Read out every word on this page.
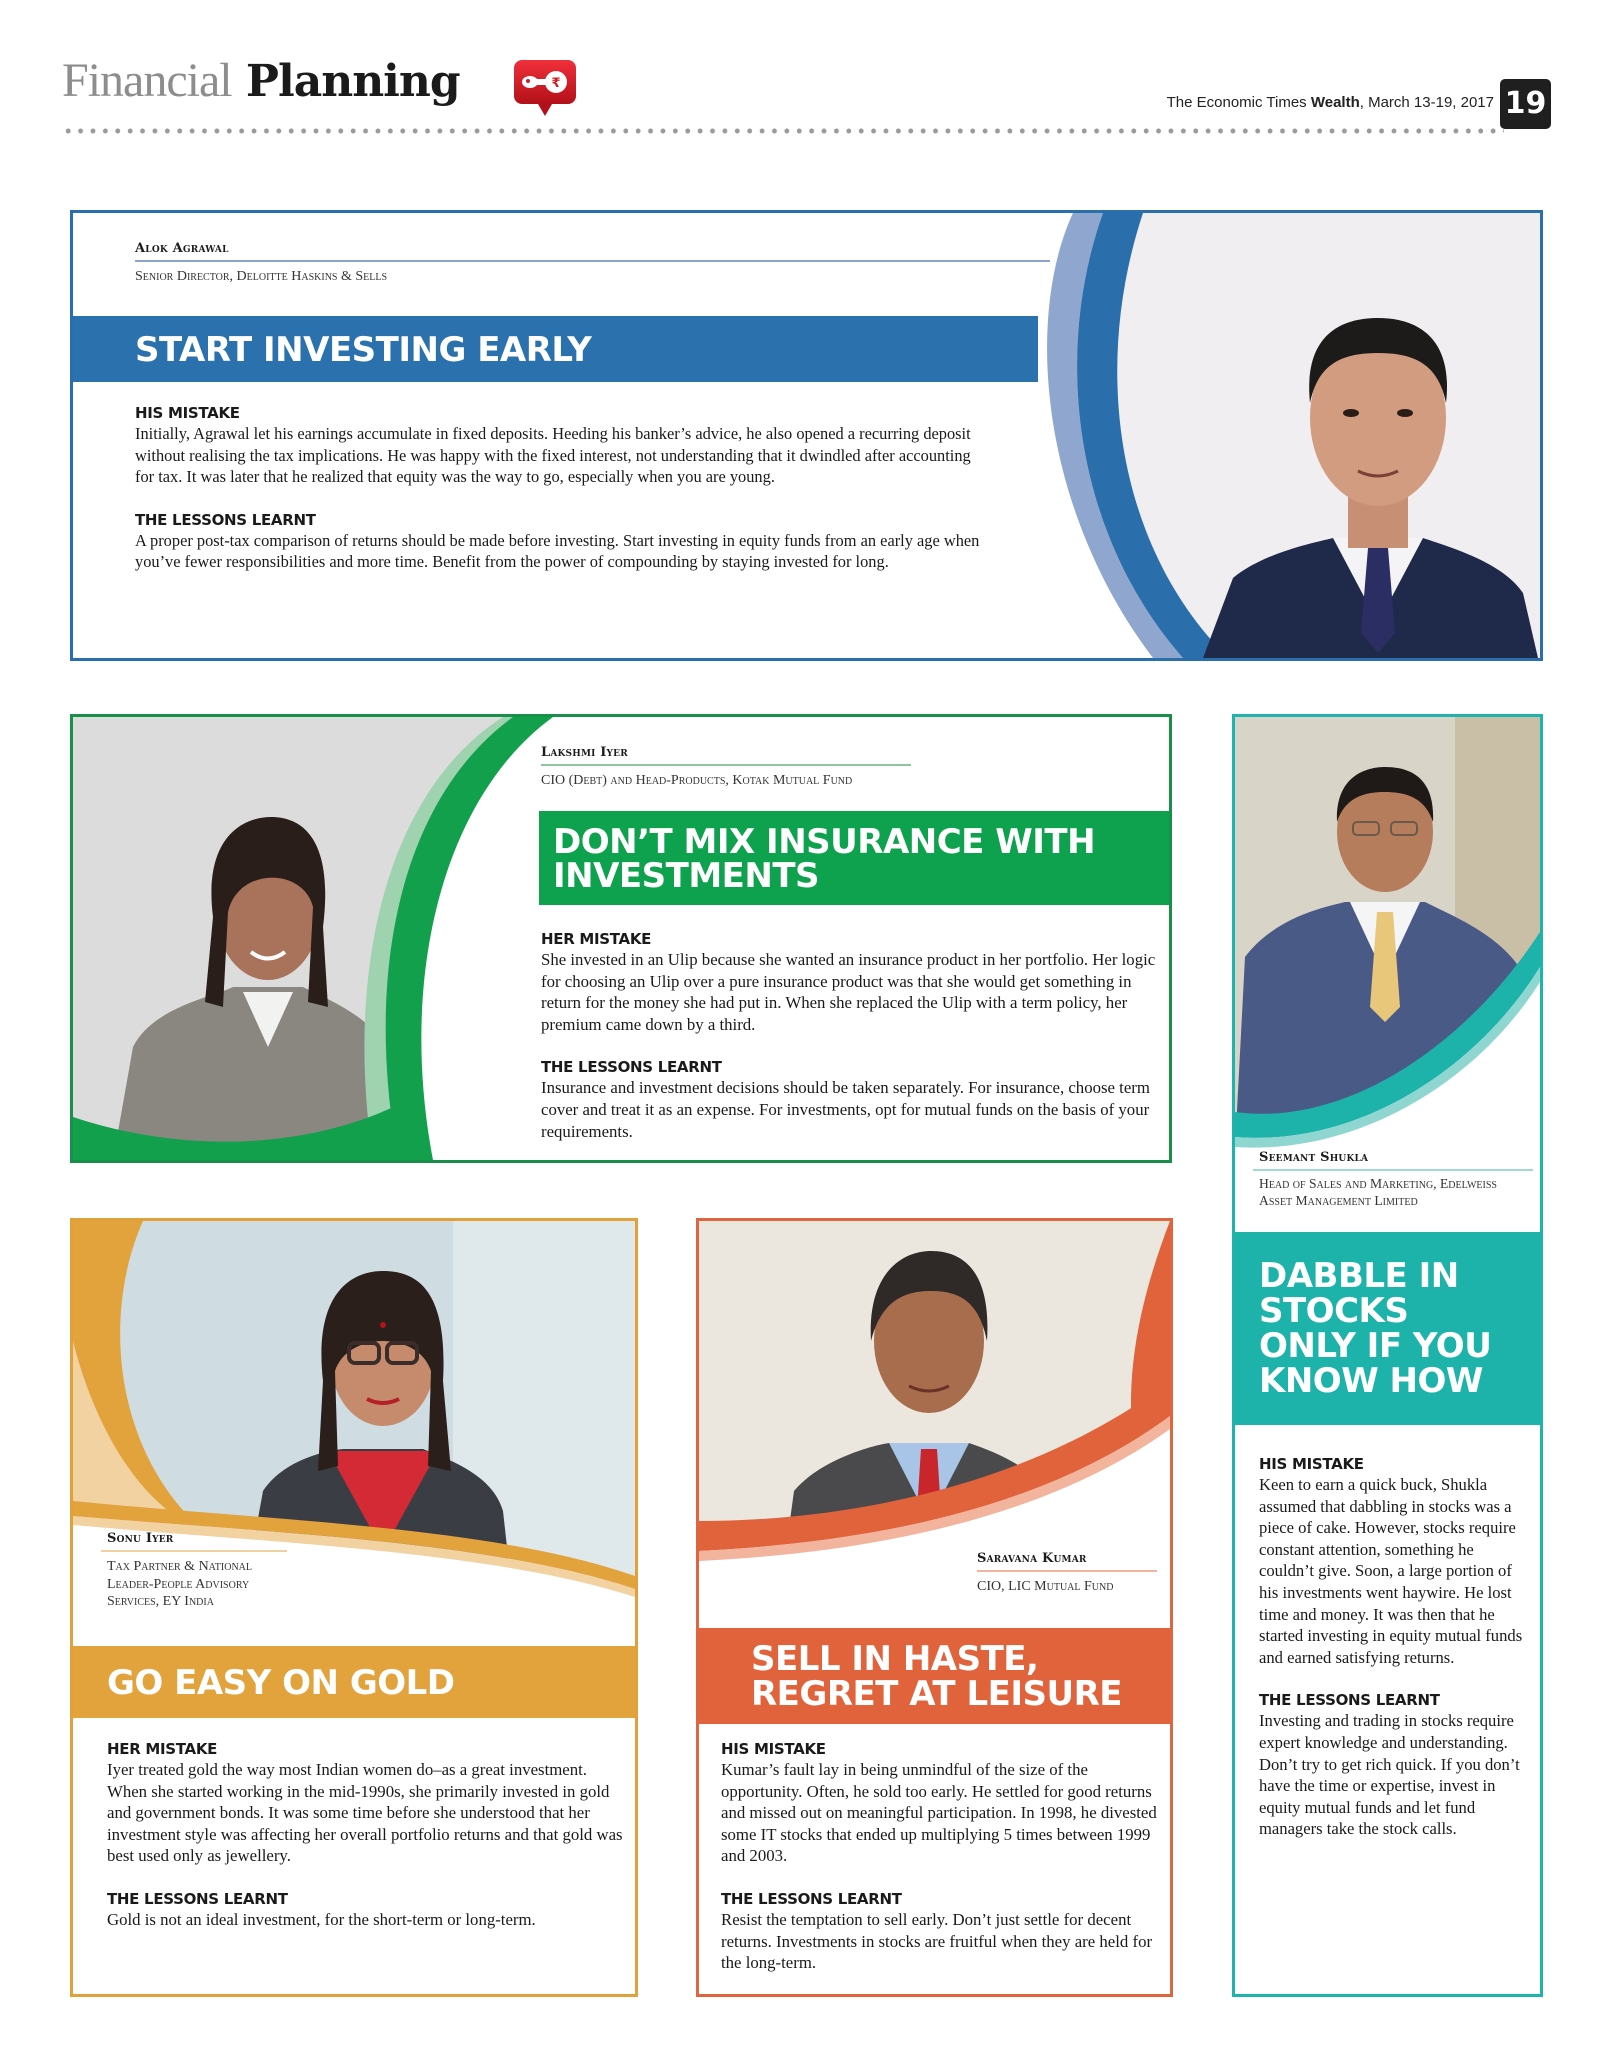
Financial Planning	₹
The Economic Times Wealth, March 13-19, 2017 19
Alok Agrawal
Senior Director, Deloitte Haskins & Sells
START INVESTING EARLY
HIS MISTAKE
Initially, Agrawal let his earnings accumulate in fixed deposits. Heeding his banker’s advice, he also opened a recurring deposit without realising the tax implications. He was happy with the fixed interest, not understanding that it dwindled after accounting for tax. It was later that he realized that equity was the way to go, especially when you are young.
THE LESSONS LEARNT
A proper post-tax comparison of returns should be made before investing. Start investing in equity funds from an early age when you’ve fewer responsibilities and more time. Benefit from the power of compounding by staying invested for long.
Lakshmi Iyer
CIO (Debt) and Head-Products, Kotak Mutual Fund
DON’T MIX INSURANCE WITH
INVESTMENTS
HER MISTAKE
She invested in an Ulip because she wanted an insurance product in her portfolio. Her logic for choosing an Ulip over a pure insurance product was that she would get something in return for the money she had put in. When she replaced the Ulip with a term policy, her premium came down by a third.
THE LESSONS LEARNT
Insurance and investment decisions should be taken separately. For insurance, choose term cover and treat it as an expense. For investments, opt for mutual funds on the basis of your requirements.
Seemant Shukla
Head of Sales and Marketing, Edelweiss Asset Management Limited
DABBLE IN
STOCKS
ONLY IF YOU
KNOW HOW
HIS MISTAKE
Keen to earn a quick buck, Shukla assumed that dabbling in stocks was a piece of cake. However, stocks require constant attention, something he couldn’t give. Soon, a large portion of his investments went haywire. He lost time and money. It was then that he started investing in equity mutual funds and earned satisfying returns.
THE LESSONS LEARNT
Investing and trading in stocks require expert knowledge and understanding. Don’t try to get rich quick. If you don’t have the time or expertise, invest in equity mutual funds and let fund managers take the stock calls.
Sonu Iyer
Tax Partner & National Leader-People Advisory Services, EY India
GO EASY ON GOLD
HER MISTAKE
Iyer treated gold the way most Indian women do–as a great investment. When she started working in the mid-1990s, she primarily invested in gold and government bonds. It was some time before she understood that her investment style was affecting her overall portfolio returns and that gold was best used only as jewellery.
THE LESSONS LEARNT
Gold is not an ideal investment, for the short-term or long-term.
Saravana Kumar
CIO, LIC Mutual Fund
SELL IN HASTE,
REGRET AT LEISURE
HIS MISTAKE
Kumar’s fault lay in being unmindful of the size of the opportunity. Often, he sold too early. He settled for good returns and missed out on meaningful participation. In 1998, he divested some IT stocks that ended up multiplying 5 times between 1999 and 2003.
THE LESSONS LEARNT
Resist the temptation to sell early. Don’t just settle for decent returns. Investments in stocks are fruitful when they are held for the long-term.
